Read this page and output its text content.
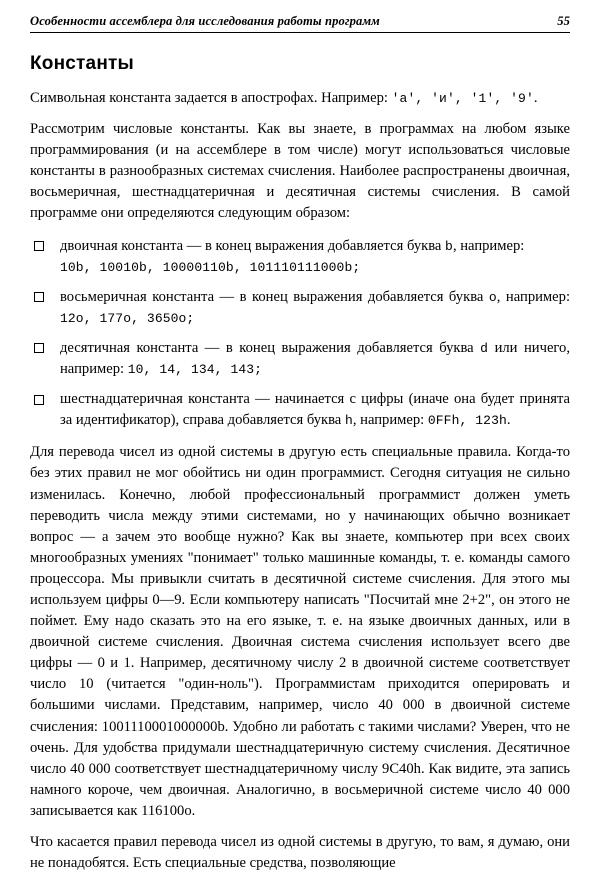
Особенности ассемблера для исследования работы программ	55
Константы

Символьная константа задается в апострофах. Например: 'a', 'и', '1', '9'.

Рассмотрим числовые константы. Как вы знаете, в программах на любом языке программирования (и на ассемблере в том числе) могут использоваться числовые константы в разнообразных системах счисления. Наиболее распространены двоичная, восьмеричная, шестнадцатеричная и десятичная системы счисления. В самой программе они определяются следующим образом:

двоичная константа — в конец выражения добавляется буква b, например:
10b, 10010b, 10000110b, 101110111000b;
восьмеричная константа — в конец выражения добавляется буква o, например: 12o, 177o, 3650o;
десятичная константа — в конец выражения добавляется буква d или ничего, например: 10, 14, 134, 143;
шестнадцатеричная константа — начинается с цифры (иначе она будет принята за идентификатор), справа добавляется буква h, например: 0FFh, 123h.

Для перевода чисел из одной системы в другую есть специальные правила. Когда-то без этих правил не мог обойтись ни один программист. Сегодня ситуация не сильно изменилась. Конечно, любой профессиональный программист должен уметь переводить числа между этими системами, но у начинающих обычно возникает вопрос — а зачем это вообще нужно? Как вы знаете, компьютер при всех своих многообразных умениях "понимает" только машинные команды, т. е. команды самого процессора. Мы привыкли считать в десятичной системе счисления. Для этого мы используем цифры 0—9. Если компьютеру написать "Посчитай мне 2+2", он этого не поймет. Ему надо сказать это на его языке, т. е. на языке двоичных данных, или в двоичной системе счисления. Двоичная система счисления использует всего две цифры — 0 и 1. Например, десятичному числу 2 в двоичной системе соответствует число 10 (читается "один-ноль"). Программистам приходится оперировать и большими числами. Представим, например, число 40 000 в двоичной системе счисления: 1001110001000000b. Удобно ли работать с такими числами? Уверен, что не очень. Для удобства придумали шестнадцатеричную систему счисления. Десятичное число 40 000 соответствует шестнадцатеричному числу 9C40h. Как видите, эта запись намного короче, чем двоичная. Аналогично, в восьмеричной системе число 40 000 записывается как 116100o.

Что касается правил перевода чисел из одной системы в другую, то вам, я думаю, они не понадобятся. Есть специальные средства, позволяющие
